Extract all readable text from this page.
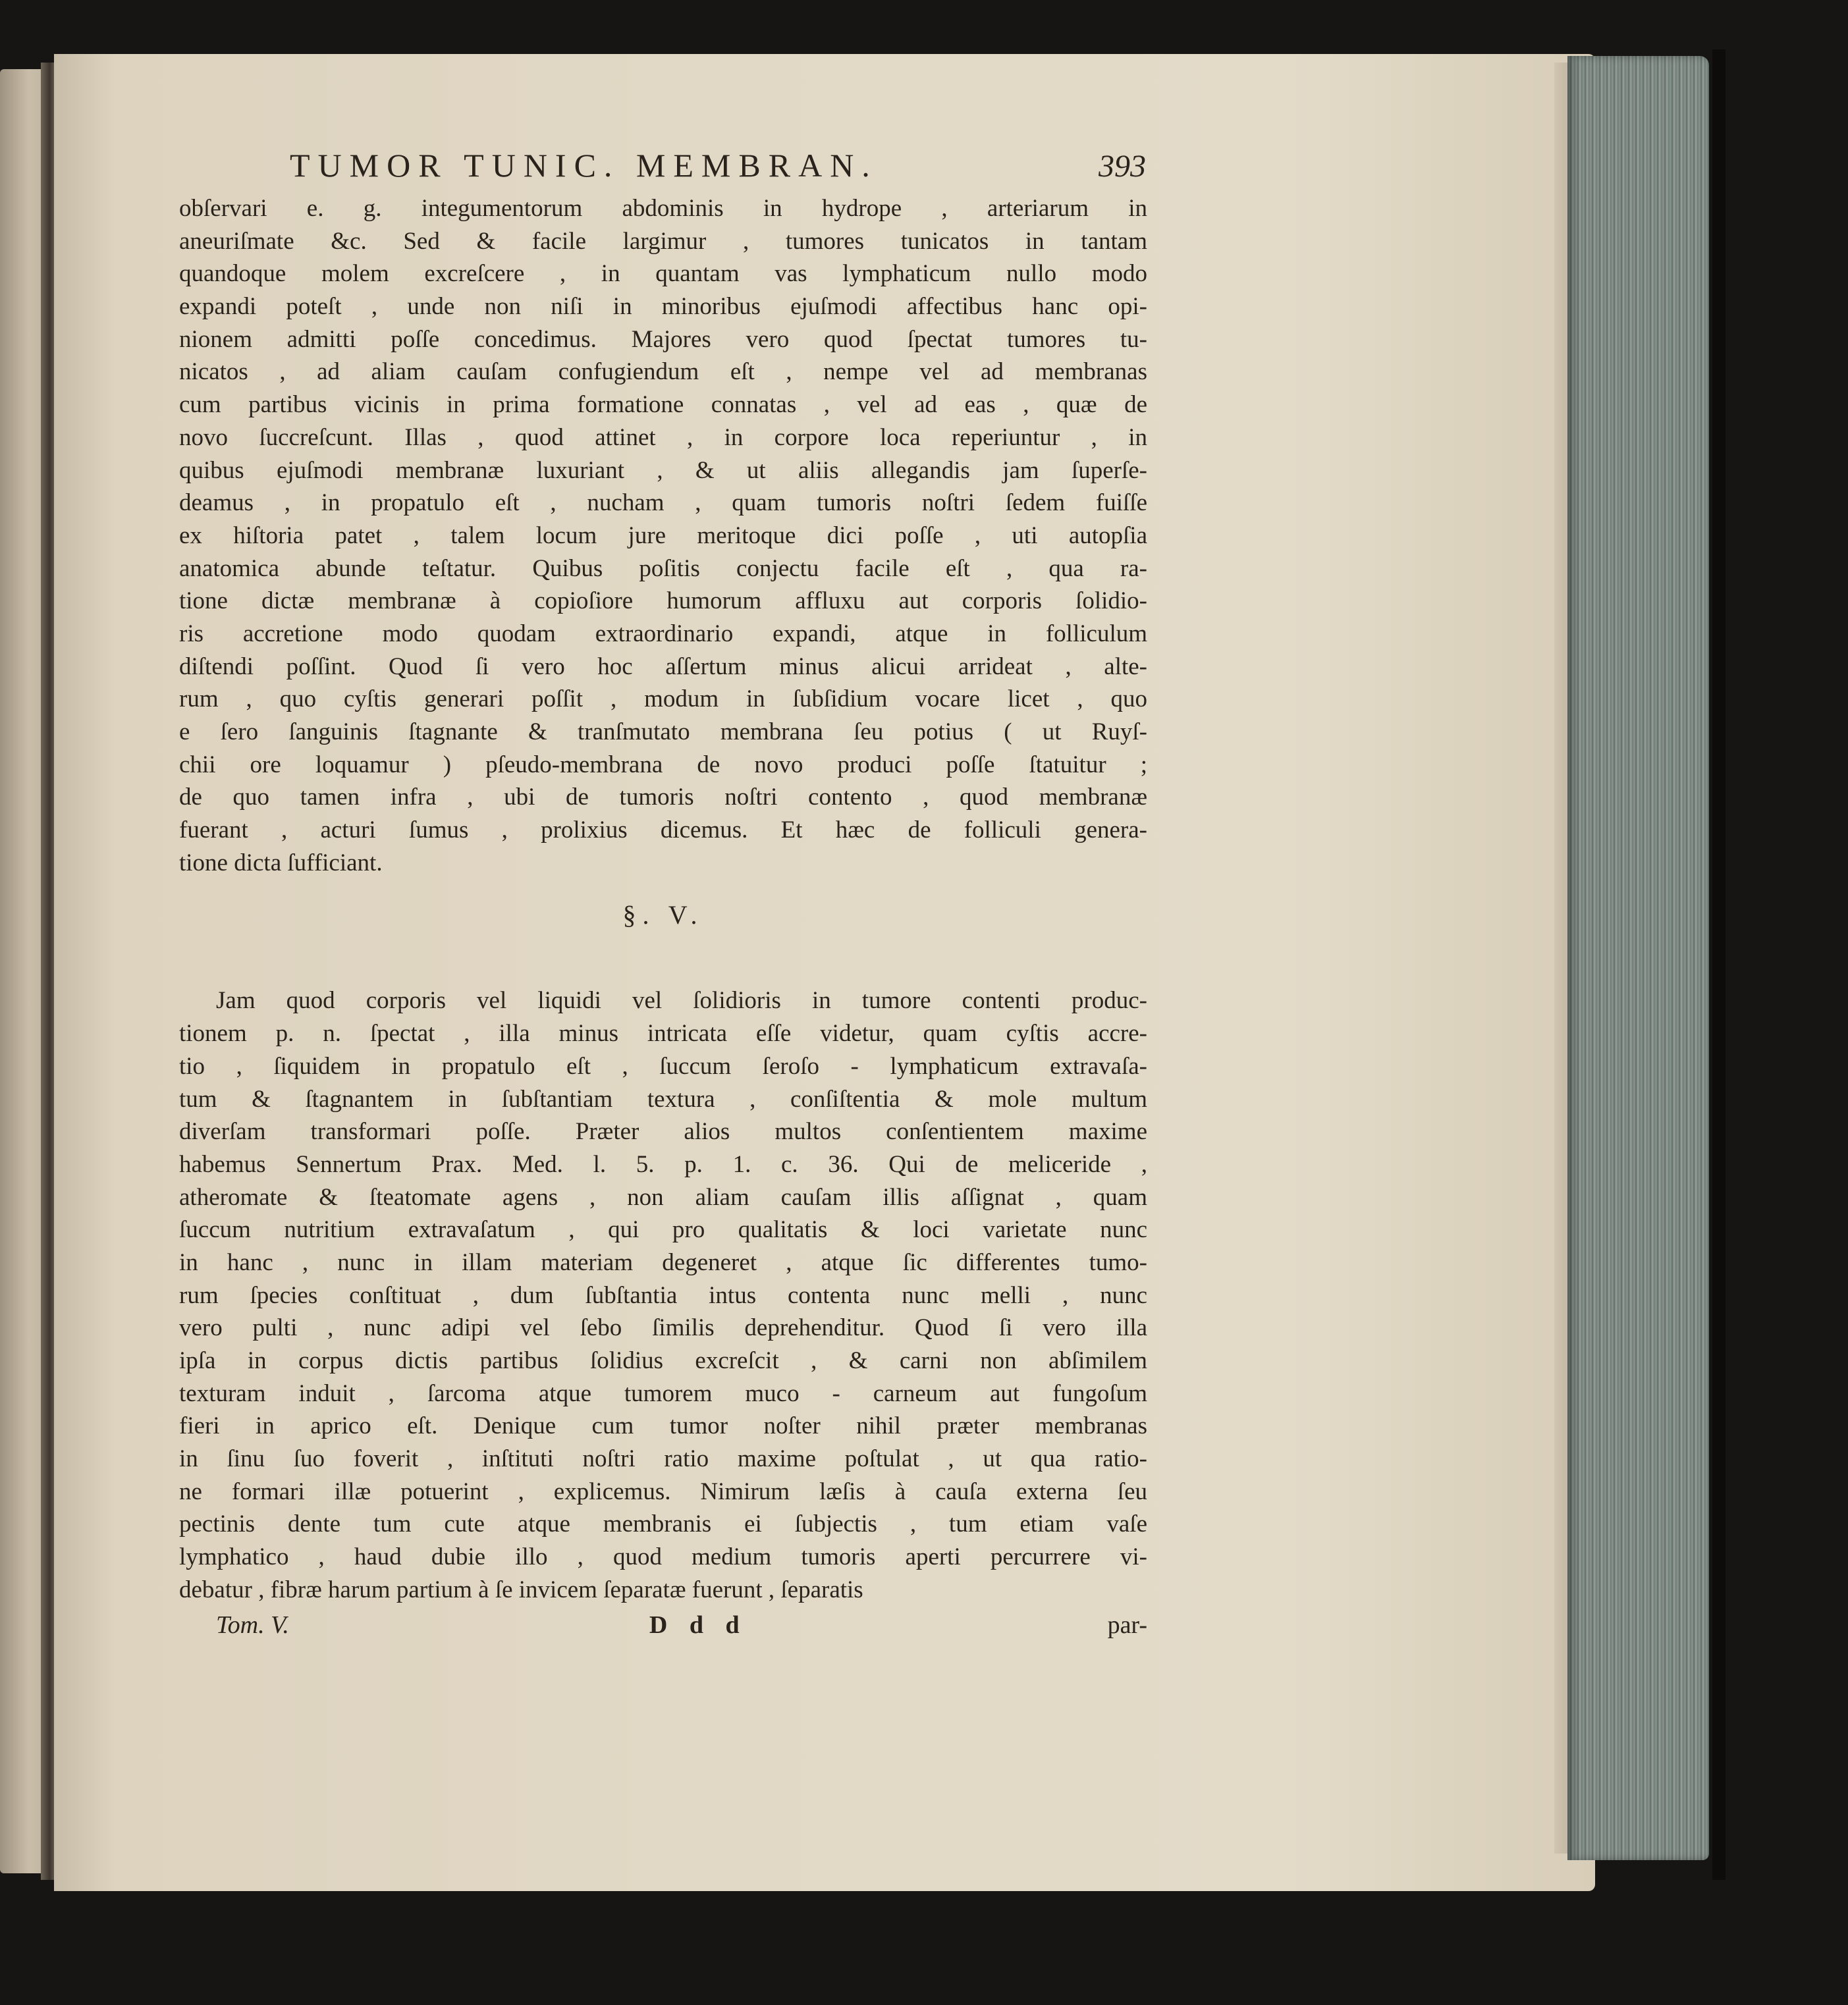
TUMOR TUNIC. MEMBRAN.	393
obſervari e. g. integumentorum abdominis in hydrope , arteriarum in
aneuriſmate &c. Sed & facile largimur , tumores tunicatos in tantam
quandoque molem excreſcere , in quantam vas lymphaticum nullo modo
expandi poteſt , unde non niſi in minoribus ejuſmodi affectibus hanc opi-
nionem admitti poſſe concedimus. Majores vero quod ſpectat tumores tu-
nicatos , ad aliam cauſam confugiendum eſt , nempe vel ad membranas
cum partibus vicinis in prima formatione connatas , vel ad eas , quæ de
novo ſuccreſcunt. Illas , quod attinet , in corpore loca reperiuntur , in
quibus ejuſmodi membranæ luxuriant , & ut aliis allegandis jam ſuperſe-
deamus , in propatulo eſt , nucham , quam tumoris noſtri ſedem fuiſſe
ex hiſtoria patet , talem locum jure meritoque dici poſſe , uti autopſia
anatomica abunde teſtatur. Quibus poſitis conjectu facile eſt , qua ra-
tione dictæ membranæ à copioſiore humorum affluxu aut corporis ſolidio-
ris accretione modo quodam extraordinario expandi, atque in folliculum
diſtendi poſſint. Quod ſi vero hoc aſſertum minus alicui arrideat , alte-
rum , quo cyſtis generari poſſit , modum in ſubſidium vocare licet , quo
e ſero ſanguinis ſtagnante & tranſmutato membrana ſeu potius ( ut Ruyſ-
chii ore loquamur ) pſeudo-membrana de novo produci poſſe ſtatuitur ;
de quo tamen infra , ubi de tumoris noſtri contento , quod membranæ
fuerant , acturi ſumus , prolixius dicemus. Et hæc de folliculi genera-
tione dicta ſufficiant.
§. V.
Jam quod corporis vel liquidi vel ſolidioris in tumore contenti produc-
tionem p. n. ſpectat , illa minus intricata eſſe videtur, quam cyſtis accre-
tio , ſiquidem in propatulo eſt , ſuccum ſeroſo - lymphaticum extravaſa-
tum & ſtagnantem in ſubſtantiam textura , conſiſtentia & mole multum
diverſam transformari poſſe. Præter alios multos conſentientem maxime
habemus Sennertum Prax. Med. l. 5. p. 1. c. 36. Qui de meliceride ,
atheromate & ſteatomate agens , non aliam cauſam illis aſſignat , quam
ſuccum nutritium extravaſatum , qui pro qualitatis & loci varietate nunc
in hanc , nunc in illam materiam degeneret , atque ſic differentes tumo-
rum ſpecies conſtituat , dum ſubſtantia intus contenta nunc melli , nunc
vero pulti , nunc adipi vel ſebo ſimilis deprehenditur. Quod ſi vero illa
ipſa in corpus dictis partibus ſolidius excreſcit , & carni non abſimilem
texturam induit , ſarcoma atque tumorem muco - carneum aut fungoſum
fieri in aprico eſt. Denique cum tumor noſter nihil præter membranas
in ſinu ſuo foverit , inſtituti noſtri ratio maxime poſtulat , ut qua ratio-
ne formari illæ potuerint , explicemus. Nimirum læſis à cauſa externa ſeu
pectinis dente tum cute atque membranis ei ſubjectis , tum etiam vaſe
lymphatico , haud dubie illo , quod medium tumoris aperti percurrere vi-
debatur , fibræ harum partium à ſe invicem ſeparatæ fuerunt , ſeparatis
Tom. V.	D d d	par-
